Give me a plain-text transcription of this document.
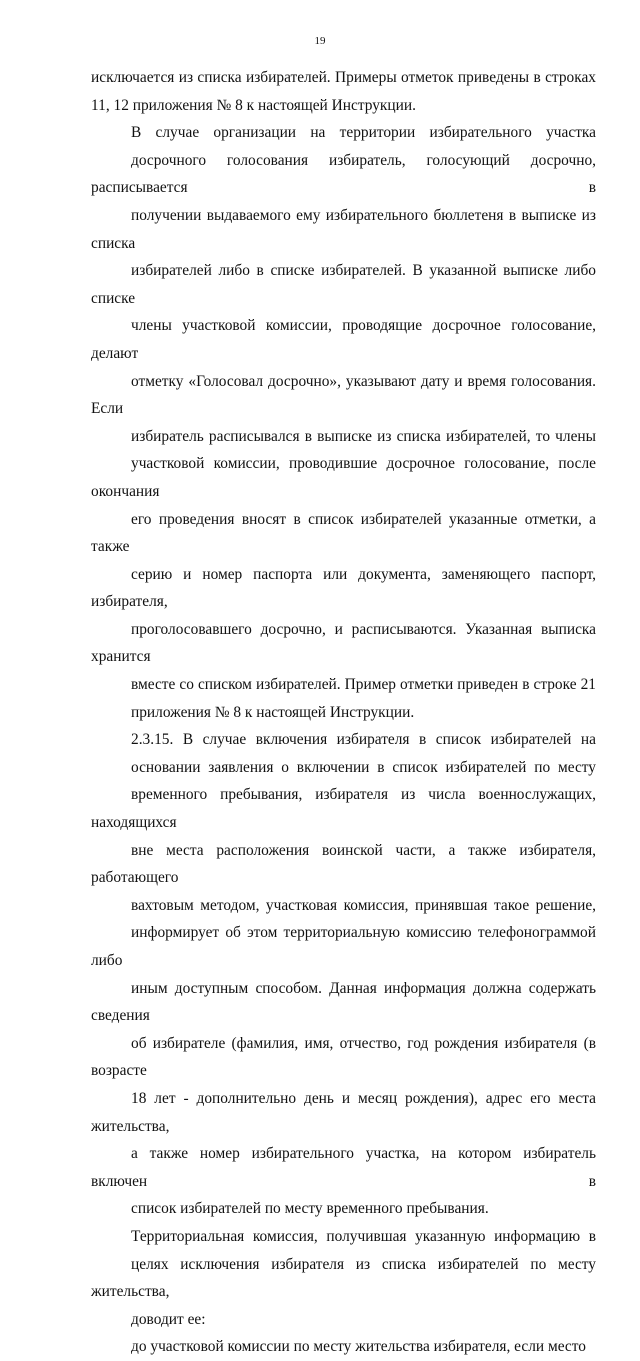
19
исключается из списка избирателей. Примеры отметок приведены в строках
11, 12 приложения № 8 к настоящей Инструкции.
В случае организации на территории избирательного участка
досрочного голосования избиратель, голосующий досрочно, расписывается в
получении выдаваемого ему избирательного бюллетеня в выписке из списка
избирателей либо в списке избирателей. В указанной выписке либо списке
члены участковой комиссии, проводящие досрочное голосование, делают
отметку «Голосовал досрочно», указывают дату и время голосования. Если
избиратель расписывался в выписке из списка избирателей, то члены
участковой комиссии, проводившие досрочное голосование, после окончания
его проведения вносят в список избирателей указанные отметки, а также
серию и номер паспорта или документа, заменяющего паспорт, избирателя,
проголосовавшего досрочно, и расписываются. Указанная выписка хранится
вместе со списком избирателей. Пример отметки приведен в строке 21
приложения № 8 к настоящей Инструкции.
2.3.15. В случае включения избирателя в список избирателей на
основании заявления о включении в список избирателей по месту
временного пребывания, избирателя из числа военнослужащих, находящихся
вне места расположения воинской части, а также избирателя, работающего
вахтовым методом, участковая комиссия, принявшая такое решение,
информирует об этом территориальную комиссию телефонограммой либо
иным доступным способом. Данная информация должна содержать сведения
об избирателе (фамилия, имя, отчество, год рождения избирателя (в возрасте
18 лет - дополнительно день и месяц рождения), адрес его места жительства,
а также номер избирательного участка, на котором избиратель включен в
список избирателей по месту временного пребывания.
Территориальная комиссия, получившая указанную информацию в
целях исключения избирателя из списка избирателей по месту жительства,
доводит ее:
до участковой комиссии по месту жительства избирателя, если место
